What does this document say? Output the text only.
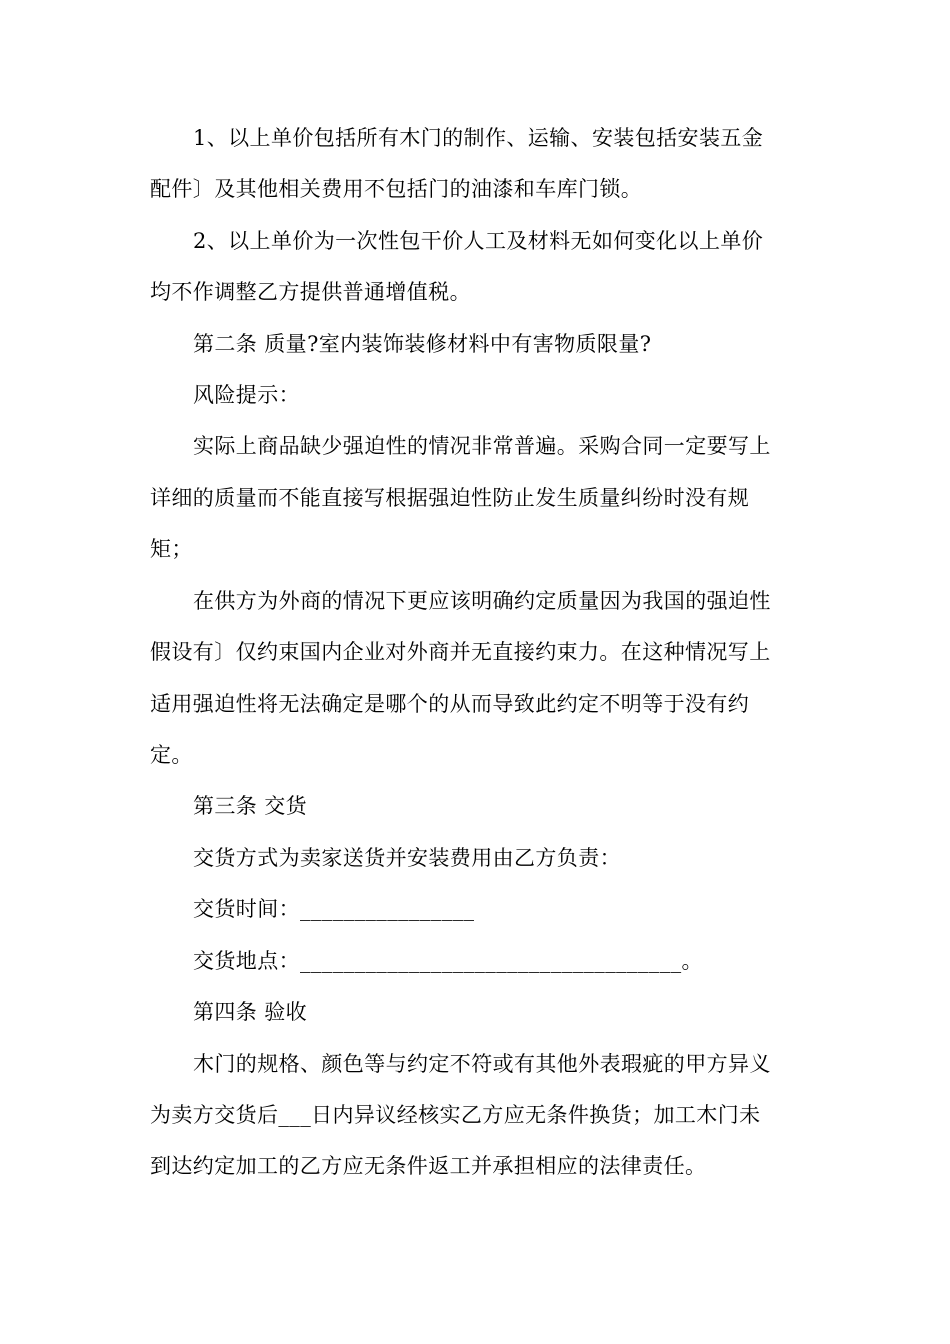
1、以上单价包括所有木门的制作、运输、安装包括安装五金
配件〕及其他相关费用不包括门的油漆和车库门锁。
2、以上单价为一次性包干价人工及材料无如何变化以上单价
均不作调整乙方提供普通增值税。
第二条 质量?室内装饰装修材料中有害物质限量?
风险提示：
实际上商品缺少强迫性的情况非常普遍。采购合同一定要写上
详细的质量而不能直接写根据强迫性防止发生质量纠纷时没有规
矩；
在供方为外商的情况下更应该明确约定质量因为我国的强迫性
假设有〕仅约束国内企业对外商并无直接约束力。在这种情况写上
适用强迫性将无法确定是哪个的从而导致此约定不明等于没有约
定。
第三条 交货
交货方式为卖家送货并安装费用由乙方负责：
交货时间：________________
交货地点：___________________________________。
第四条 验收
木门的规格、颜色等与约定不符或有其他外表瑕疵的甲方异义
为卖方交货后___日内异议经核实乙方应无条件换货；加工木门未
到达约定加工的乙方应无条件返工并承担相应的法律责任。
